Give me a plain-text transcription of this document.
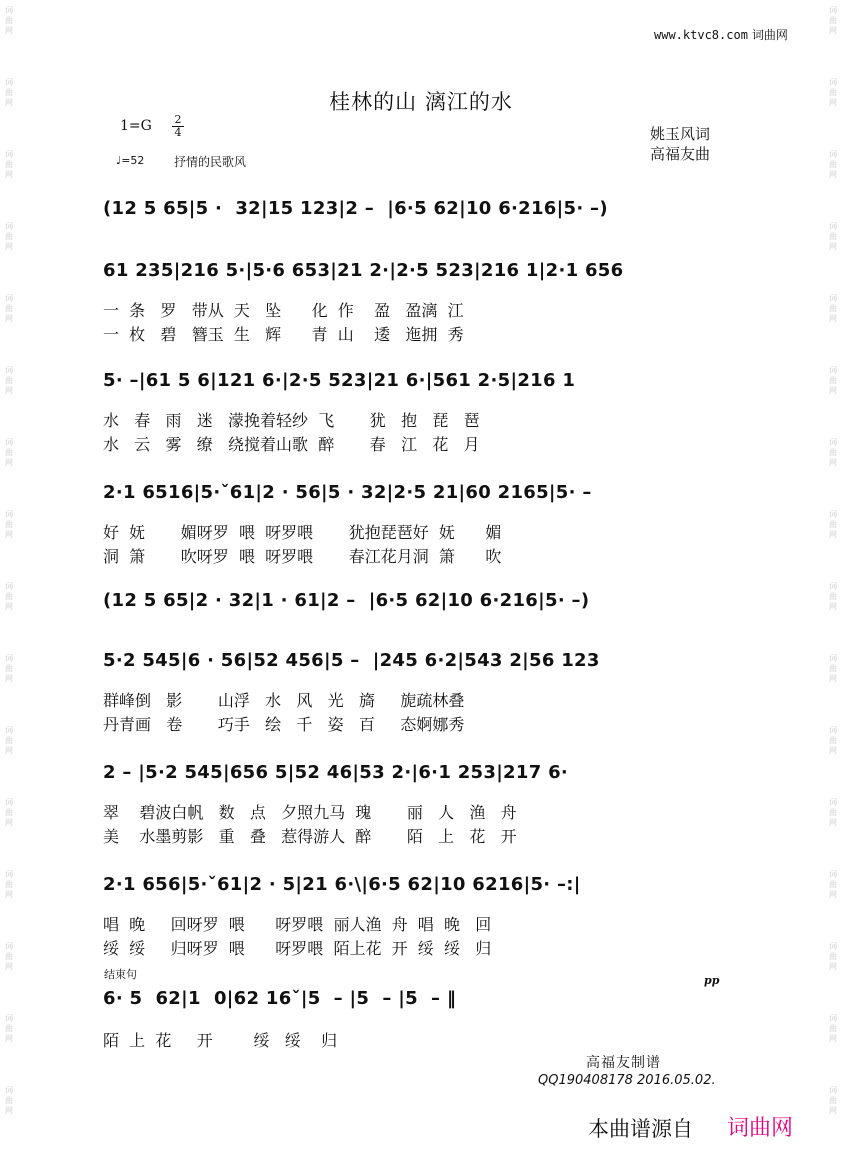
词
曲
网
词
曲
网
词
曲
网
词
曲
网
词
曲
网
词
曲
网
词
曲
网
词
曲
网
词
曲
网
词
曲
网
词
曲
网
词
曲
网
词
曲
网
词
曲
网
词
曲
网
词
曲
网
词
曲
网
词
曲
网
词
曲
网
词
曲
网
词
曲
网
词
曲
网
词
曲
网
词
曲
网
词
曲
网
词
曲
网
词
曲
网
词
曲
网
词
曲
网
词
曲
网
词
曲
网
词
曲
网
www.ktvc8.com 词曲网
桂林的山 漓江的水
1=G 2
4
♩=52 抒情的民歌风
姚玉风词
高福友曲
(12 5 65|5 ·  32|15 123|2 –  |6·5 62|10 6·216|5· –)
61 235|216 5·|5·6 653|21 2·|2·5 523|216 1|2·1 656
一  条   罗   带从  天   坠      化  作    盈   盈漓  江
一  枚   碧   簪玉  生   辉      青  山    逶   迤拥  秀
5· –|61 5 6|121 6·|2·5 523|21 6·|561 2·5|216 1
水   春   雨   迷   濛挽着轻纱  飞       犹   抱   琵   琶
水   云   雾   缭   绕搅着山歌  醉       春   江   花   月
2·1 6516|5·ˇ61|2 · 56|5 · 32|2·5 21|60 2165|5· –
好  妩       媚呀罗  喂  呀罗喂       犹抱琵琶好  妩      媚
洞  箫       吹呀罗  喂  呀罗喂       春江花月洞  箫      吹
(12 5 65|2 · 32|1 · 61|2 –  |6·5 62|10 6·216|5· –)
5·2 545|6 · 56|52 456|5 –  |245 6·2|543 2|56 123
群峰倒   影       山浮   水   风   光   旖     旎疏林叠
丹青画   卷       巧手   绘   千   姿   百     态婀娜秀
2 – |5·2 545|656 5|52 46|53 2·|6·1 253|217 6·
翠    碧波白帆   数   点   夕照九马  瑰       丽   人   渔   舟
美    水墨剪影   重   叠   惹得游人  醉       陌   上   花   开
2·1 656|5·ˇ61|2 · 5|21 6·\|6·5 62|10 6216|5· –:|
唱  晚     回呀罗  喂      呀罗喂  丽人渔  舟  唱  晚   回
绥  绥     归呀罗  喂      呀罗喂  陌上花  开  绥  绥   归
结束句
6· 5  62|1  0|62 16ˇ|5  – |5  – |5  – ‖
陌  上  花     开        绥   绥    归
pp
高福友制谱
QQ190408178 2016.05.02.
本曲谱源自 词曲网
